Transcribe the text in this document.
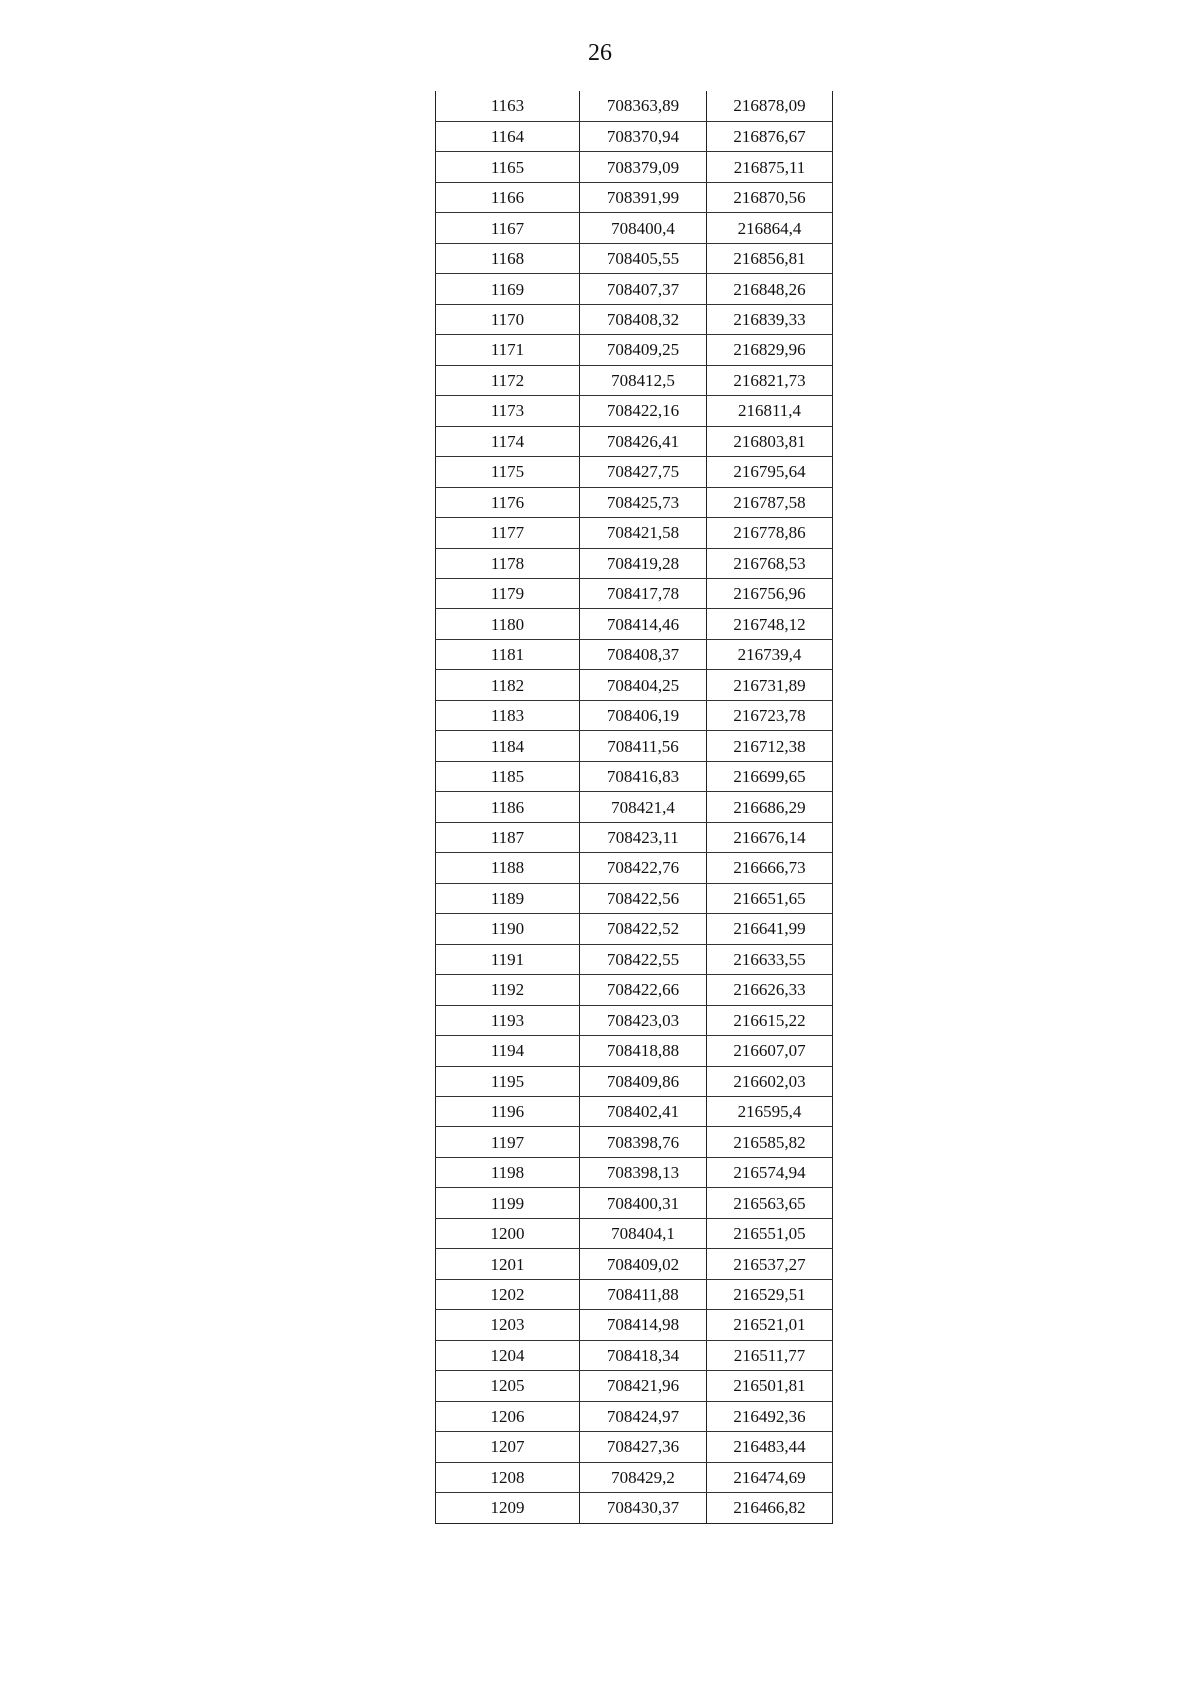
26
1163	708363,89	216878,09
1164	708370,94	216876,67
1165	708379,09	216875,11
1166	708391,99	216870,56
1167	708400,4	216864,4
1168	708405,55	216856,81
1169	708407,37	216848,26
1170	708408,32	216839,33
1171	708409,25	216829,96
1172	708412,5	216821,73
1173	708422,16	216811,4
1174	708426,41	216803,81
1175	708427,75	216795,64
1176	708425,73	216787,58
1177	708421,58	216778,86
1178	708419,28	216768,53
1179	708417,78	216756,96
1180	708414,46	216748,12
1181	708408,37	216739,4
1182	708404,25	216731,89
1183	708406,19	216723,78
1184	708411,56	216712,38
1185	708416,83	216699,65
1186	708421,4	216686,29
1187	708423,11	216676,14
1188	708422,76	216666,73
1189	708422,56	216651,65
1190	708422,52	216641,99
1191	708422,55	216633,55
1192	708422,66	216626,33
1193	708423,03	216615,22
1194	708418,88	216607,07
1195	708409,86	216602,03
1196	708402,41	216595,4
1197	708398,76	216585,82
1198	708398,13	216574,94
1199	708400,31	216563,65
1200	708404,1	216551,05
1201	708409,02	216537,27
1202	708411,88	216529,51
1203	708414,98	216521,01
1204	708418,34	216511,77
1205	708421,96	216501,81
1206	708424,97	216492,36
1207	708427,36	216483,44
1208	708429,2	216474,69
1209	708430,37	216466,82
